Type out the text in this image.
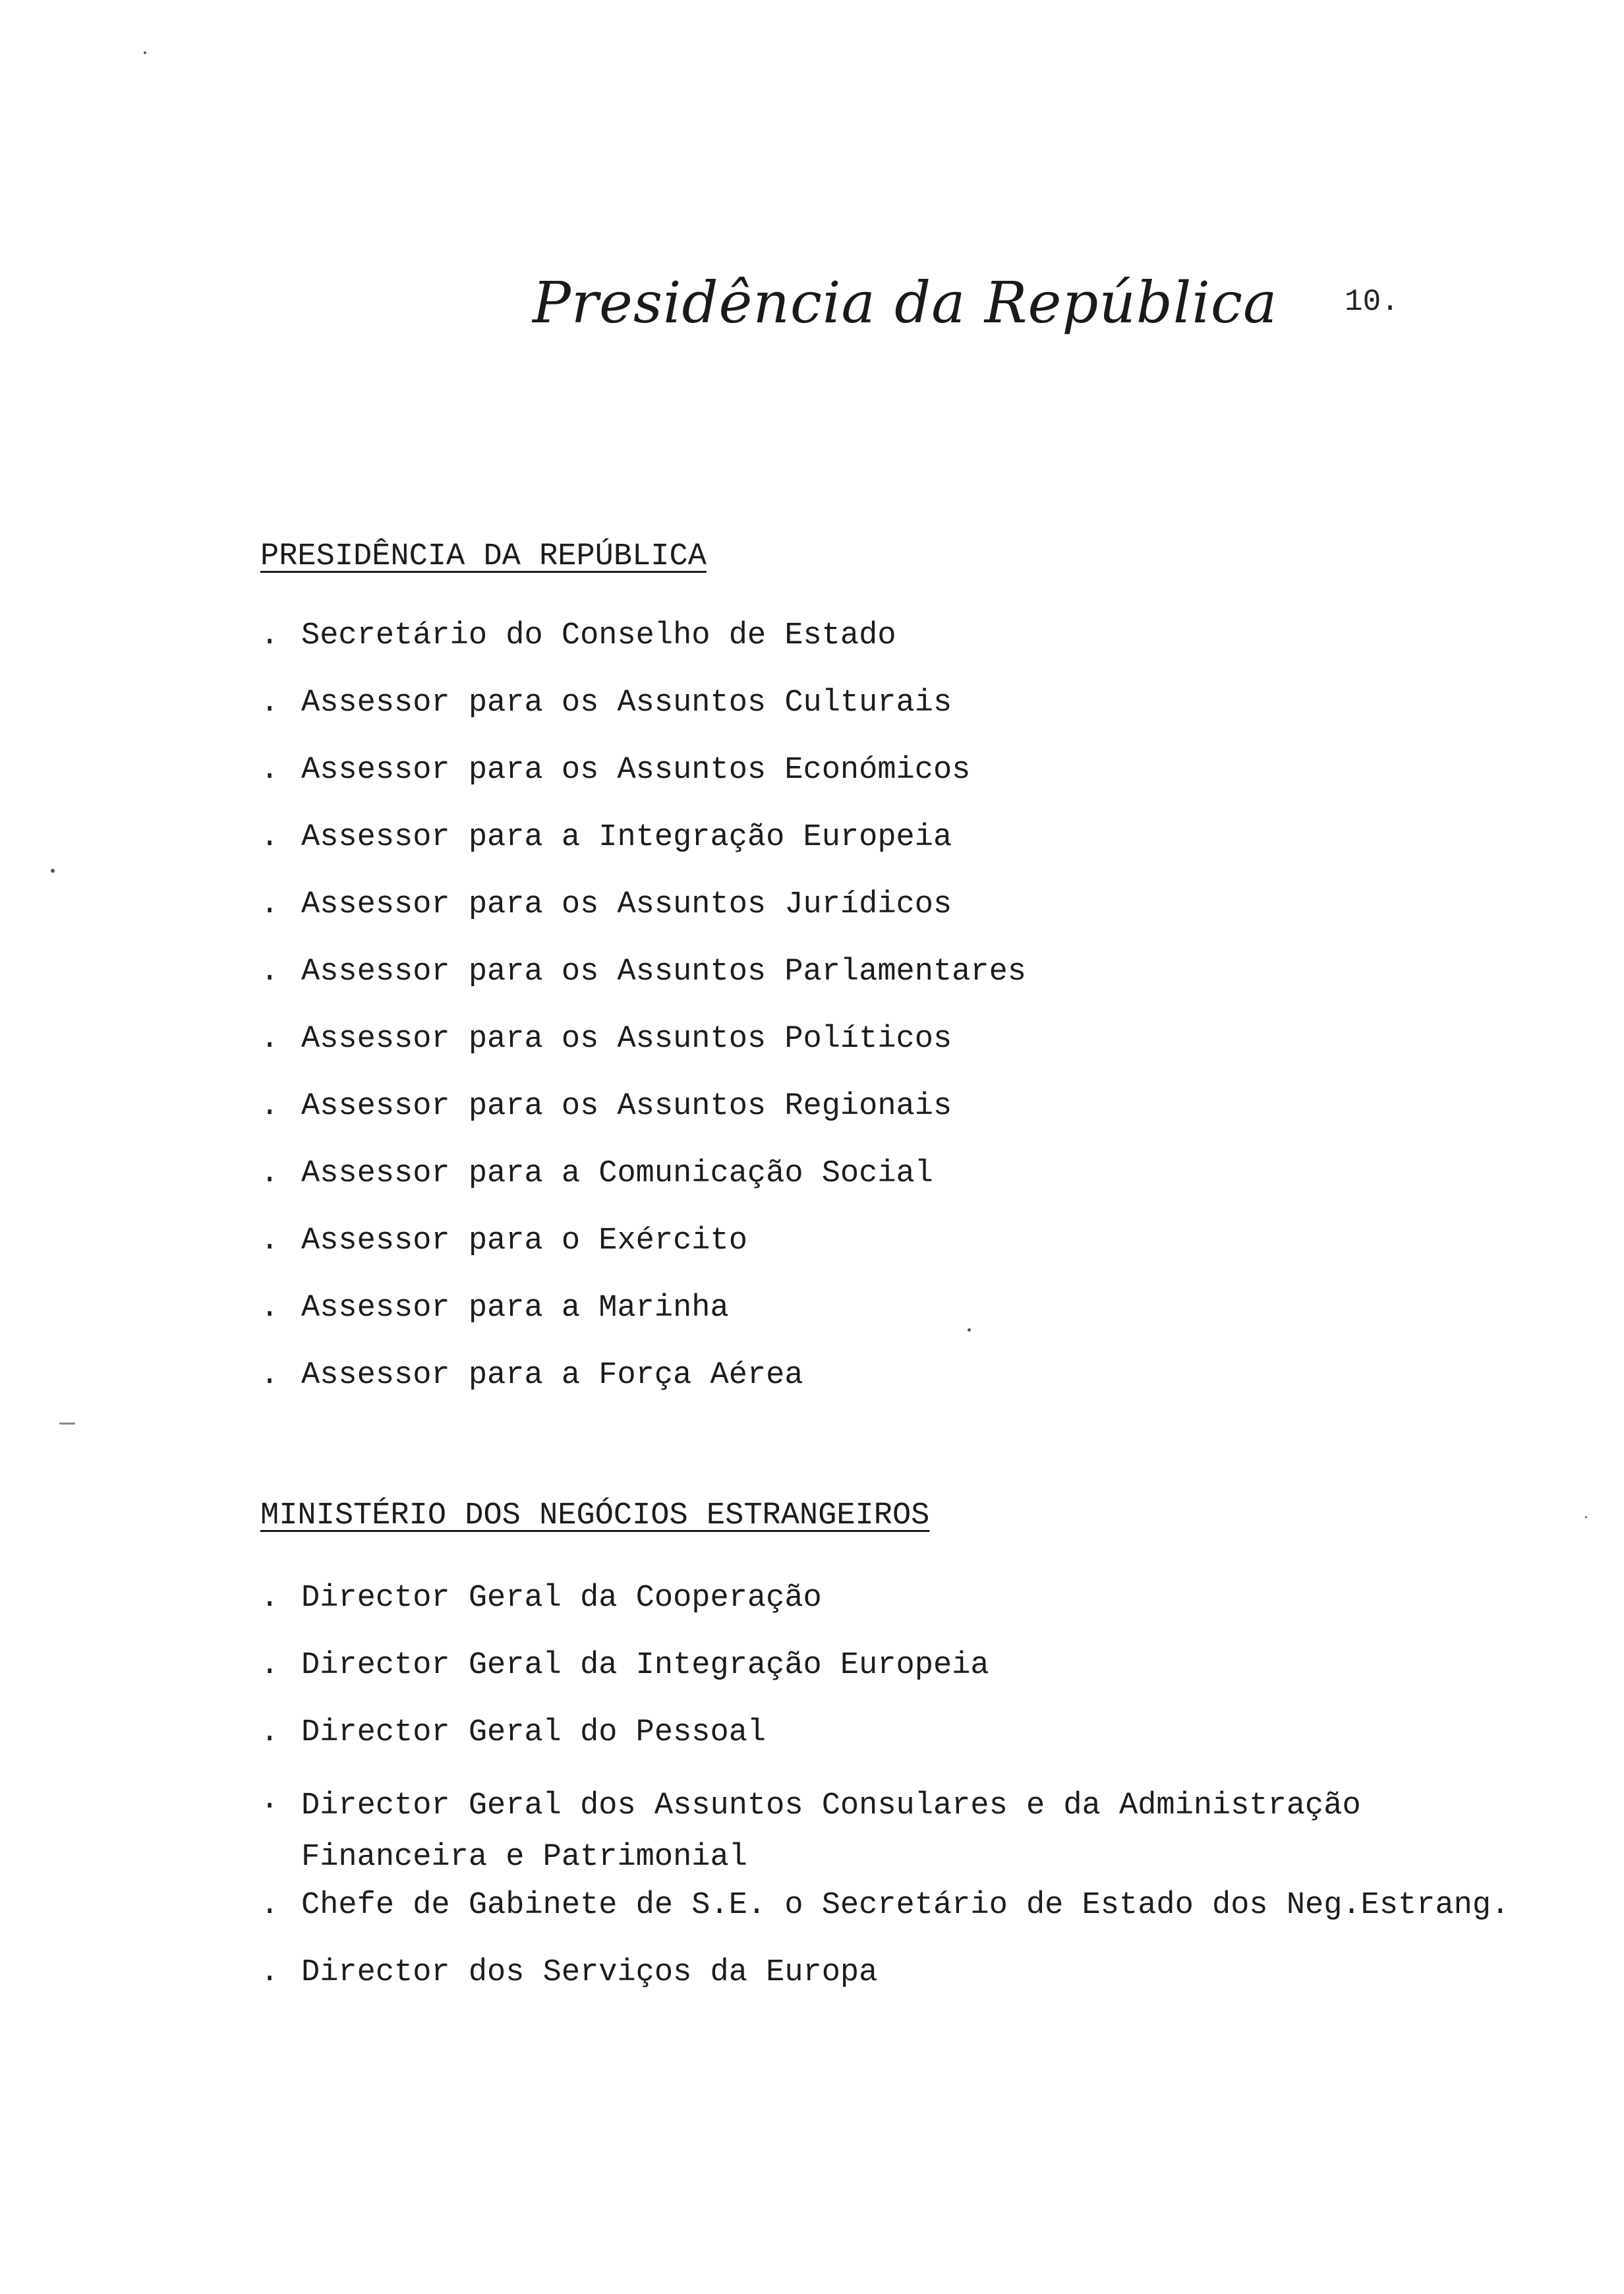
Presidência da República 10.
PRESIDÊNCIA DA REPÚBLICA
. Secretário do Conselho de Estado
. Assessor para os Assuntos Culturais
. Assessor para os Assuntos Económicos
. Assessor para a Integração Europeia
. Assessor para os Assuntos Jurídicos
. Assessor para os Assuntos Parlamentares
. Assessor para os Assuntos Políticos
. Assessor para os Assuntos Regionais
. Assessor para a Comunicação Social
. Assessor para o Exército
. Assessor para a Marinha
. Assessor para a Força Aérea
MINISTÉRIO DOS NEGÓCIOS ESTRANGEIROS
. Director Geral da Cooperação
. Director Geral da Integração Europeia
. Director Geral do Pessoal
. Director Geral dos Assuntos Consulares e da Administração
Financeira e Patrimonial
. Chefe de Gabinete de S.E. o Secretário de Estado dos Neg.Estrang.
. Director dos Serviços da Europa
